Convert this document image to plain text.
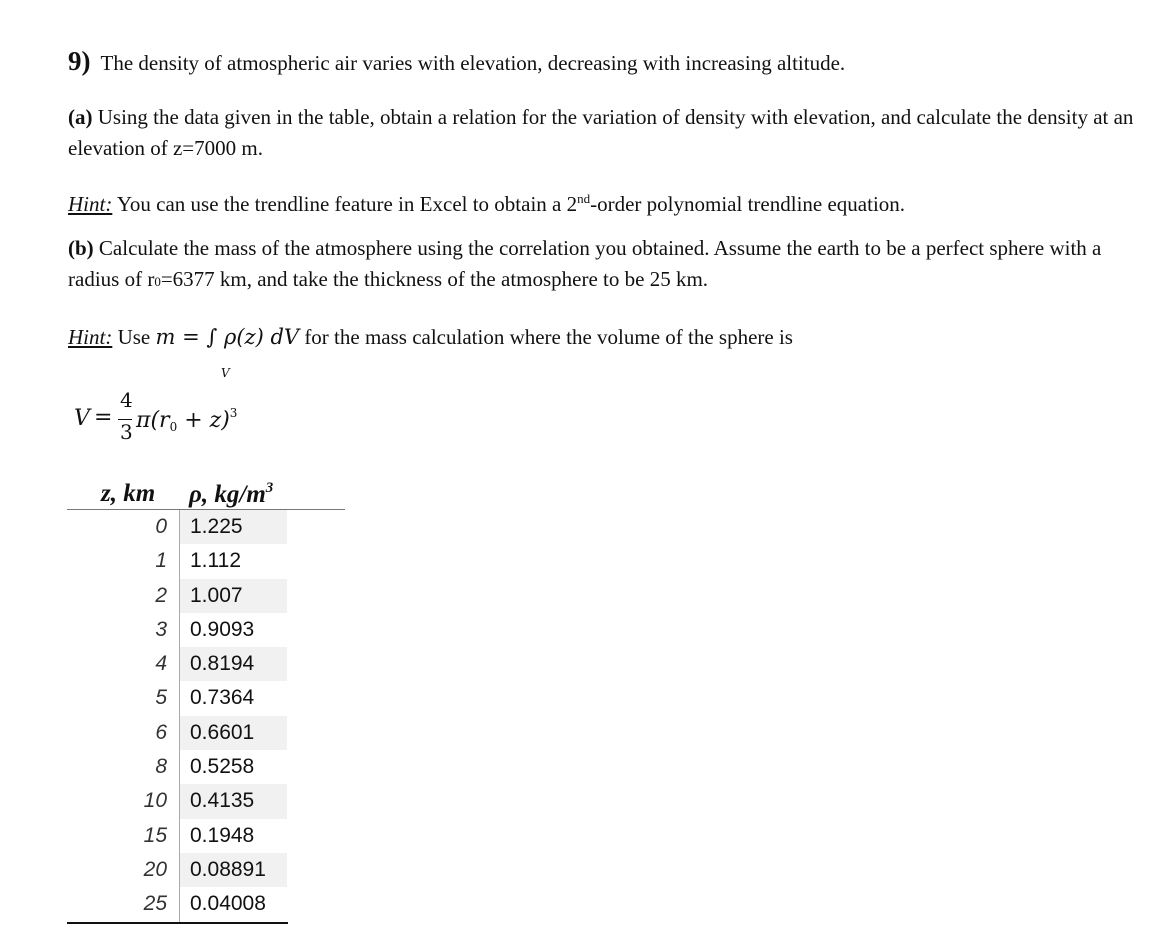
9) The density of atmospheric air varies with elevation, decreasing with increasing altitude.

(a) Using the data given in the table, obtain a relation for the variation of density with elevation, and calculate the density at an elevation of z=7000 m.

Hint: You can use the trendline feature in Excel to obtain a 2nd-order polynomial trendline equation.

(b) Calculate the mass of the atmosphere using the correlation you obtained. Assume the earth to be a perfect sphere with a radius of r0=6377 km, and take the thickness of the atmosphere to be 25 km.

Hint: Use m = ∫ ρ(z) dV
V
for the mass calculation where the volume of the sphere is

V =
4
3 $\pi(r_0 + z)^3$
z, km ρ, $kg/m^3$
0 1.225
1 1.112
2 1.007
3 0.9093
4 0.8194
5 0.7364
6 0.6601
8 0.5258
10 0.4135
15 0.1948
20 0.08891
25 0.04008
